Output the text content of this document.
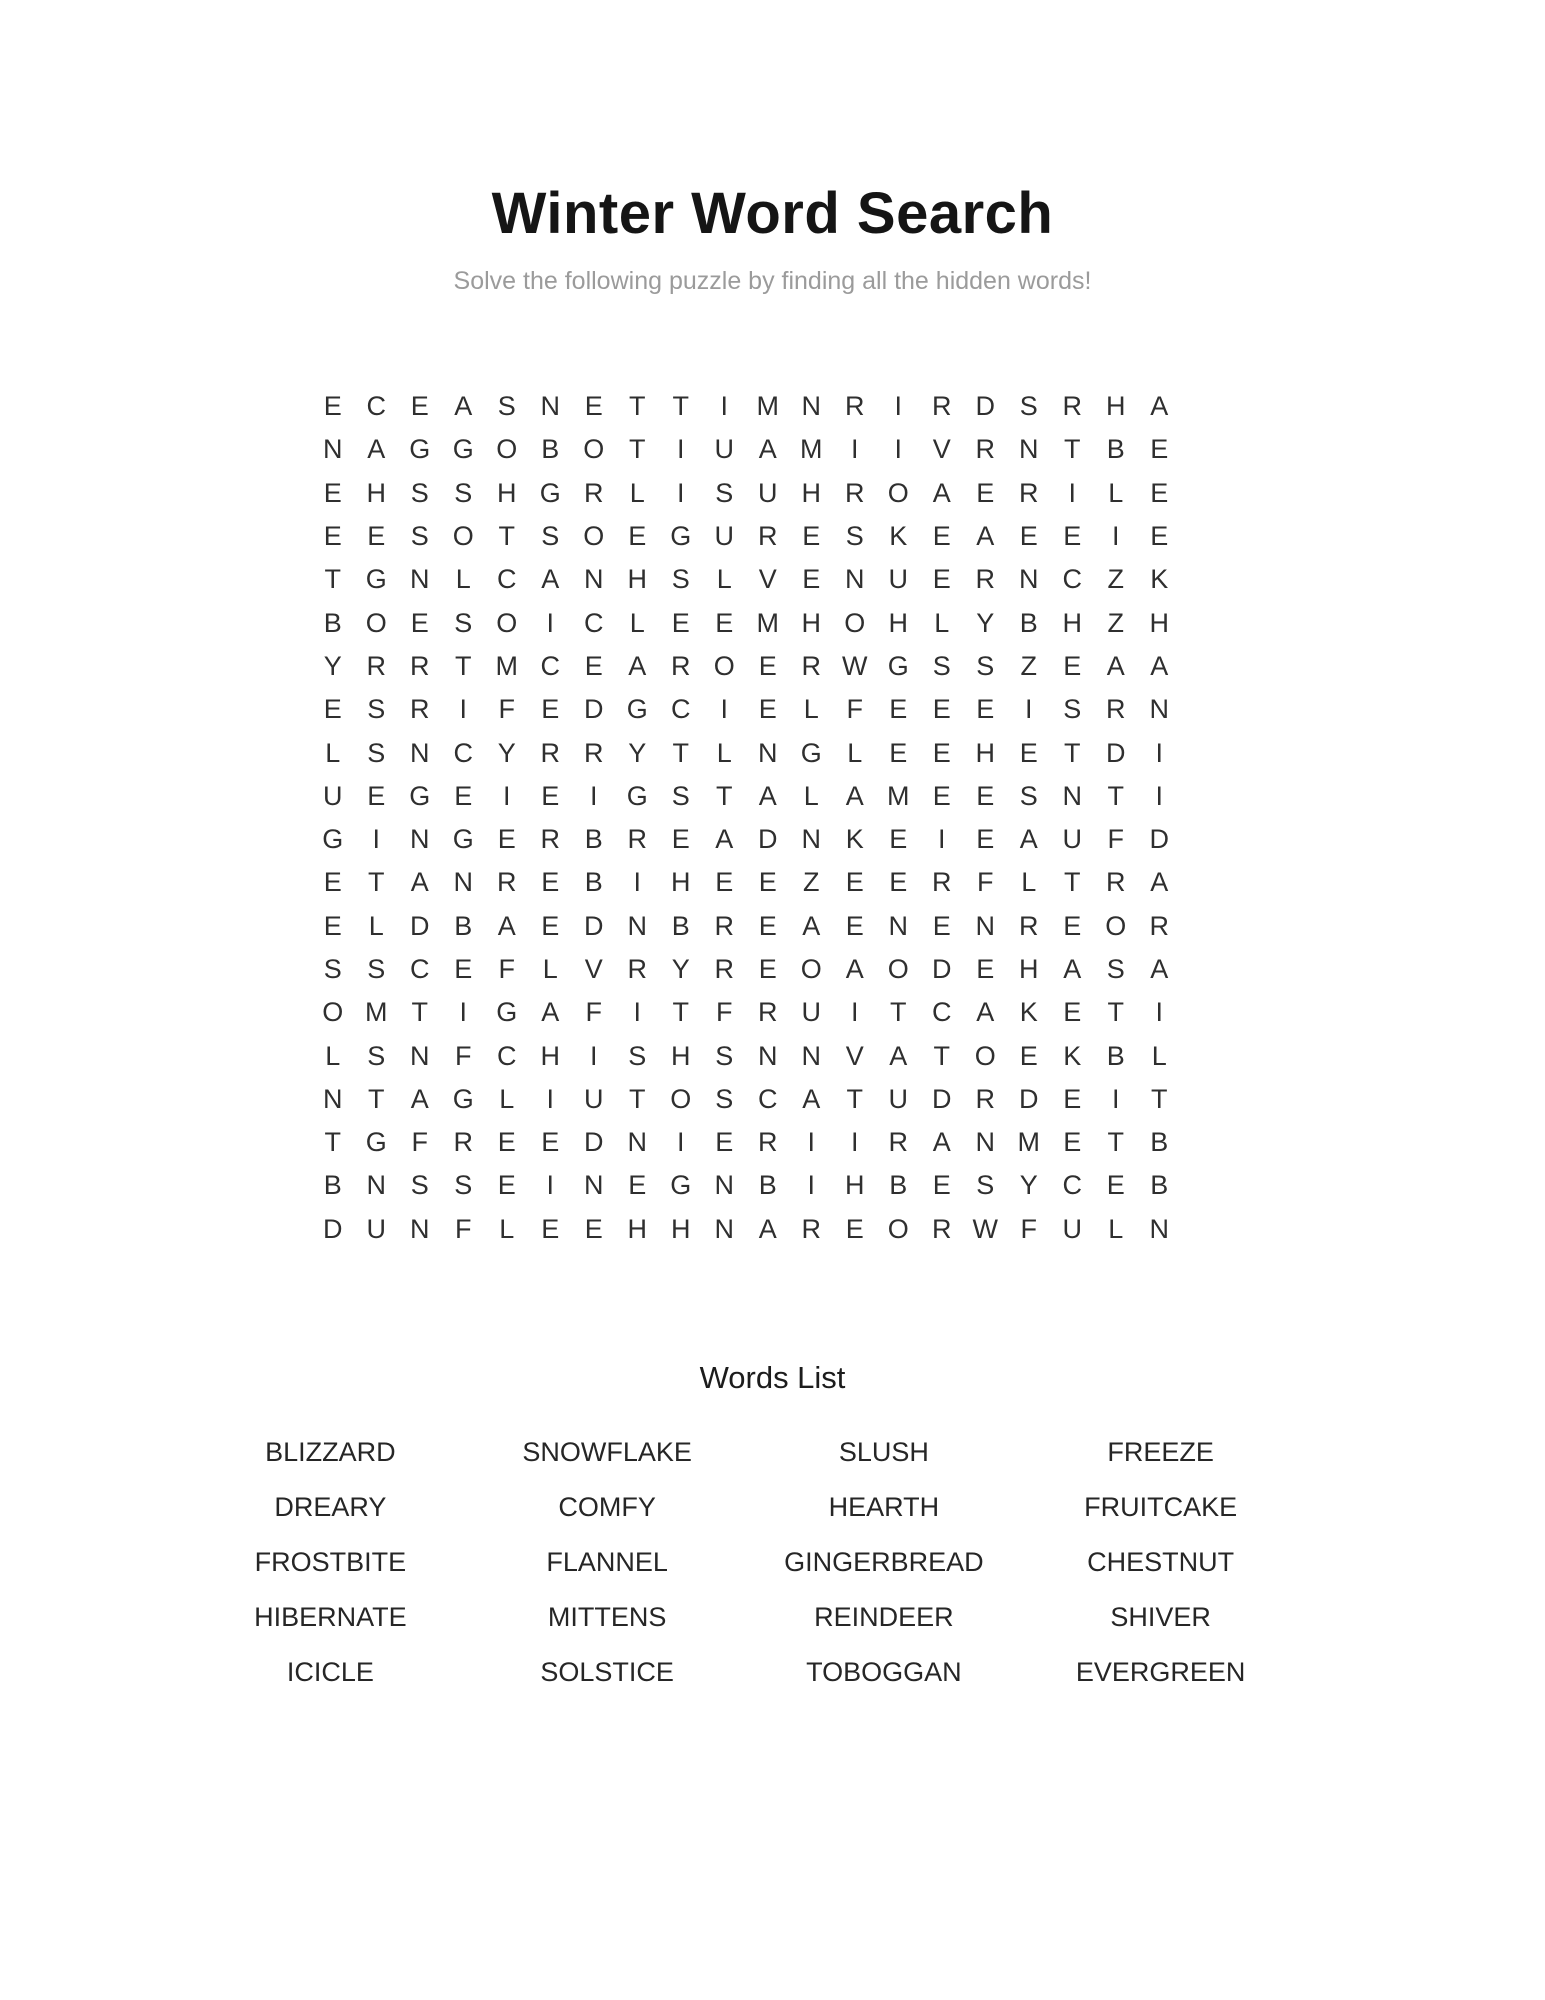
Winter Word Search

Solve the following puzzle by finding all the hidden words!

E C E A S N E T	T	I	M N R	I	R D S R H A
N A G G O B O T	I	U A M	I	I	V R N T B E
E H S S H G R L	I	S U H R O A E R	I	L E
E E S O T S O E G U R E S K E A E E	I	E
T G N L C A N H S L V E N U E R N C Z K
B O E S O	I	C L E E M H O H L Y B H Z H
Y R R T M C E A R O E R W G S S Z E A A
E S R	I	F E D G C	I	E L	F E E E	I	S R N
L S N C Y R R Y T	L N G L E E H E T D	I
U E G E	I	E	I	G S T A L A M E E S N T	I
G	I	N G E R B R E A D N K E	I	E A U F D
E T A N R E B	I	H E E Z E E R F	L	T R A
E L D B A E D N B R E A E N E N R E O R
S S C E F	L V R Y R E O A O D E H A S A
O M T	I	G A F	I	T	F R U	I	T C A K E T	I
L S N F C H	I	S H S N N V A T O E K B L
N T A G L	I	U T O S C A T U D R D E	I	T
T G F R E E D N	I	E R	I	I	R A N M E T B
B N S S E	I	N E G N B	I	H B E S Y C E B
D U N F	L E E H H N A R E O R W F U L N
Words List
BLIZZARD	SNOWFLAKE	SLUSH	FREEZE
DREARY	COMFY	HEARTH	FRUITCAKE
FROSTBITE	FLANNEL	GINGERBREAD	CHESTNUT
HIBERNATE	MITTENS	REINDEER	SHIVER
ICICLE	SOLSTICE	TOBOGGAN	EVERGREEN
